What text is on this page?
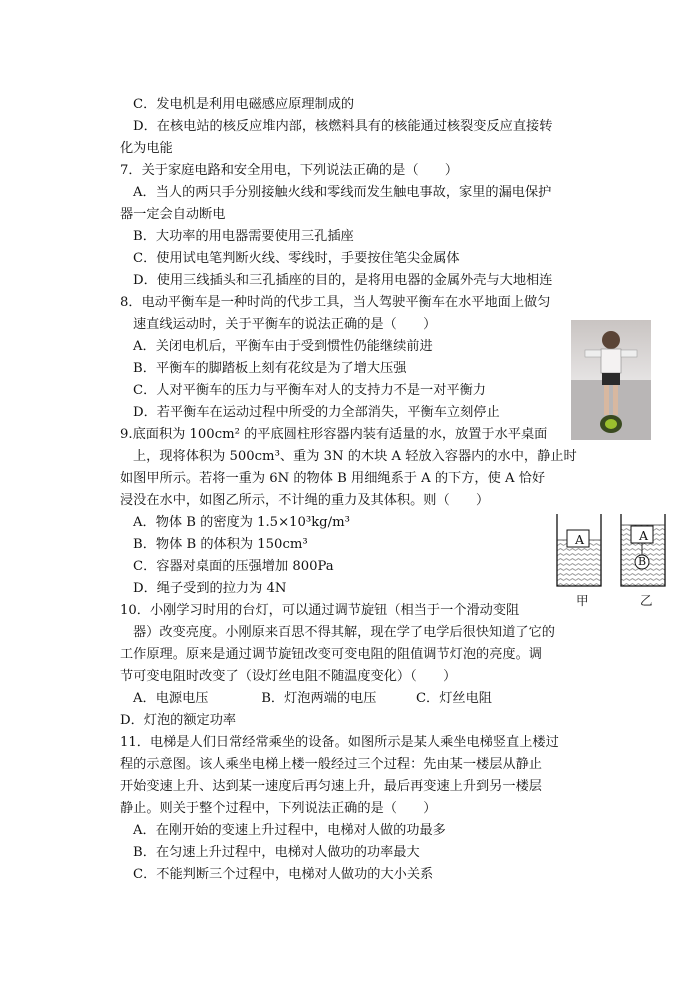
C．发电机是利用电磁感应原理制成的
D．在核电站的核反应堆内部，核燃料具有的核能通过核裂变反应直接转
化为电能
7．关于家庭电路和安全用电，下列说法正确的是（　　）
A．当人的两只手分别接触火线和零线而发生触电事故，家里的漏电保护
器一定会自动断电
B．大功率的用电器需要使用三孔插座
C．使用试电笔判断火线、零线时，手要按住笔尖金属体
D．使用三线插头和三孔插座的目的，是将用电器的金属外壳与大地相连
8．电动平衡车是一种时尚的代步工具，当人驾驶平衡车在水平地面上做匀
速直线运动时，关于平衡车的说法正确的是（　　）
A．关闭电机后，平衡车由于受到惯性仍能继续前进
B．平衡车的脚踏板上刻有花纹是为了增大压强
C．人对平衡车的压力与平衡车对人的支持力不是一对平衡力
D．若平衡车在运动过程中所受的力全部消失，平衡车立刻停止
9.底面积为 100cm² 的平底圆柱形容器内装有适量的水，放置于水平桌面
上，现将体积为 500cm³、重为 3N 的木块 A 轻放入容器内的水中，静止时
如图甲所示。若将一重为 6N 的物体 B 用细绳系于 A 的下方，使 A 恰好
浸没在水中，如图乙所示，不计绳的重力及其体积。则（　　）
A．物体 B 的密度为 1.5×10³kg/m³
B．物体 B 的体积为 150cm³
C．容器对桌面的压强增加 800Pa
D．绳子受到的拉力为 4N
10．小刚学习时用的台灯，可以通过调节旋钮（相当于一个滑动变阻
器）改变亮度。小刚原来百思不得其解，现在学了电学后很快知道了它的
工作原理。原来是通过调节旋钮改变可变电阻的阻值调节灯泡的亮度。调
节可变电阻时改变了（设灯丝电阻不随温度变化）（　　）
A．电源电压　　　　B．灯泡两端的电压　　　C．灯丝电阻
D．灯泡的额定功率
11．电梯是人们日常经常乘坐的设备。如图所示是某人乘坐电梯竖直上楼过
程的示意图。该人乘坐电梯上楼一般经过三个过程：先由某一楼层从静止
开始变速上升、达到某一速度后再匀速上升，最后再变速上升到另一楼层
静止。则关于整个过程中，下列说法正确的是（　　）
A．在刚开始的变速上升过程中，电梯对人做的功最多
B．在匀速上升过程中，电梯对人做功的功率最大
C．不能判断三个过程中，电梯对人做功的大小关系
A	A
B
甲	乙
